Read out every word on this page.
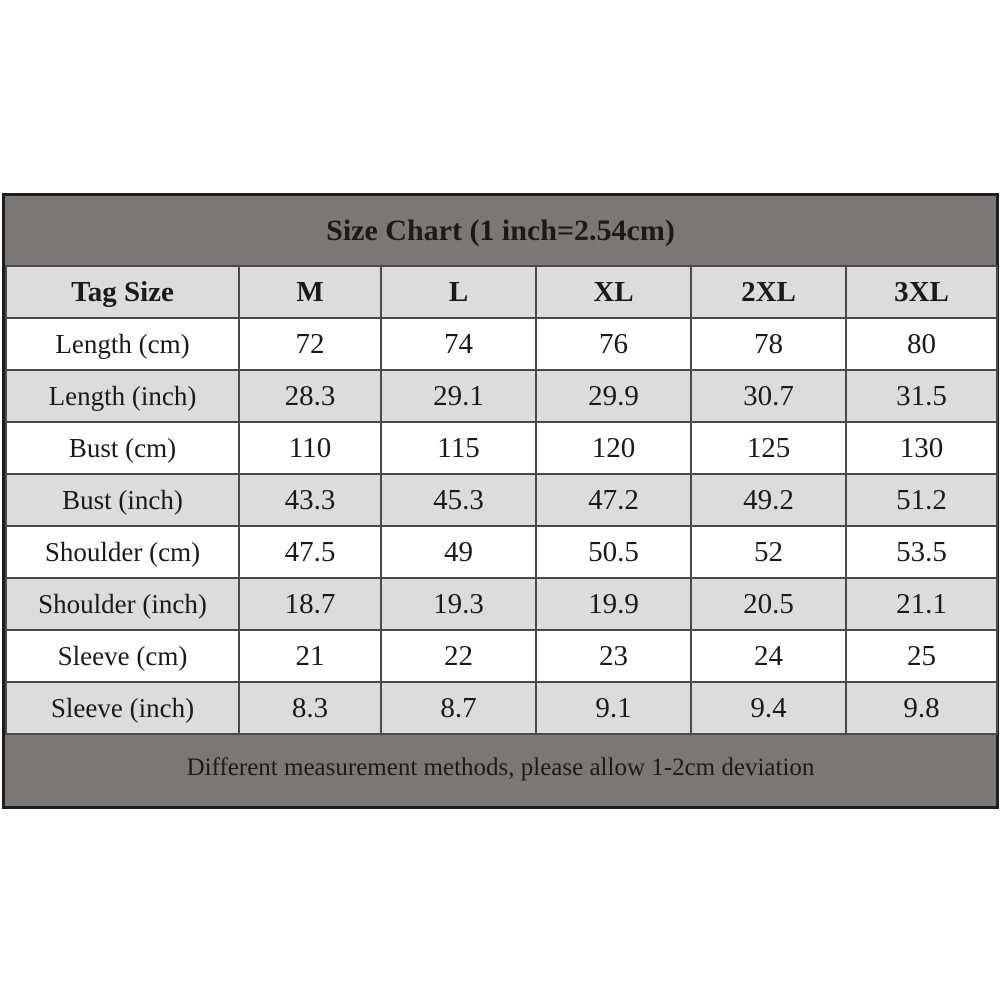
Size Chart (1 inch=2.54cm)
Tag Size	M	L	XL	2XL	3XL
Length (cm)	72	74	76	78	80
Length (inch)	28.3	29.1	29.9	30.7	31.5
Bust (cm)	110	115	120	125	130
Bust (inch)	43.3	45.3	47.2	49.2	51.2
Shoulder (cm)	47.5	49	50.5	52	53.5
Shoulder (inch)	18.7	19.3	19.9	20.5	21.1
Sleeve (cm)	21	22	23	24	25
Sleeve (inch)	8.3	8.7	9.1	9.4	9.8
Different measurement methods, please allow 1-2cm deviation
